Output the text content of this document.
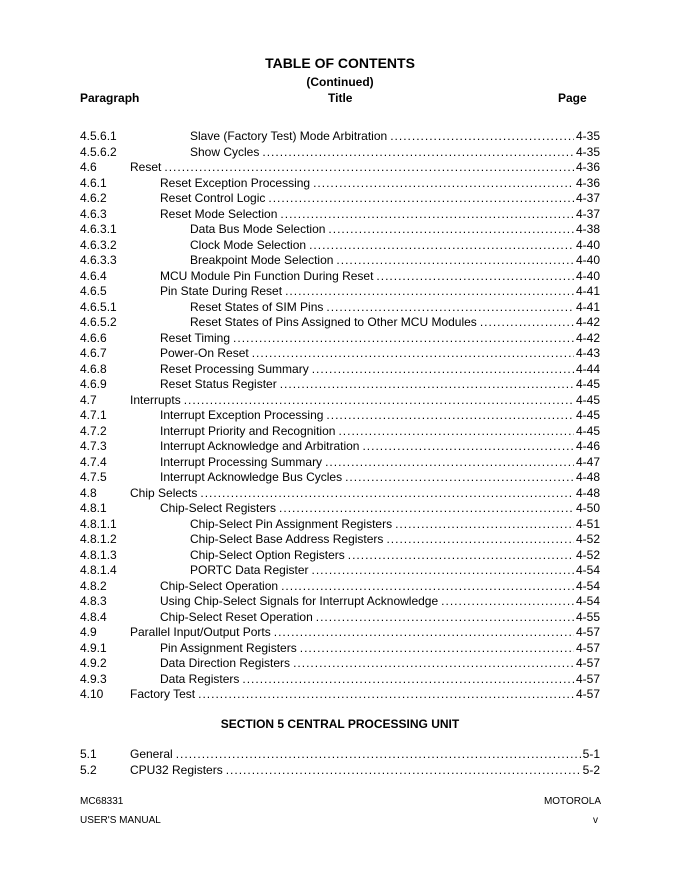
TABLE OF CONTENTS
(Continued)
Paragraph	Title	Page
4.5.6.1	Slave (Factory Test) Mode Arbitration .....	4-35
4.5.6.2	Show Cycles .....	4-35
4.6	Reset .....	4-36
4.6.1	Reset Exception Processing .....	4-36
4.6.2	Reset Control Logic .....	4-37
4.6.3	Reset Mode Selection .....	4-37
4.6.3.1	Data Bus Mode Selection .....	4-38
4.6.3.2	Clock Mode Selection .....	4-40
4.6.3.3	Breakpoint Mode Selection .....	4-40
4.6.4	MCU Module Pin Function During Reset .....	4-40
4.6.5	Pin State During Reset .....	4-41
4.6.5.1	Reset States of SIM Pins .....	4-41
4.6.5.2	Reset States of Pins Assigned to Other MCU Modules .....	4-42
4.6.6	Reset Timing .....	4-42
4.6.7	Power-On Reset .....	4-43
4.6.8	Reset Processing Summary .....	4-44
4.6.9	Reset Status Register .....	4-45
4.7	Interrupts .....	4-45
4.7.1	Interrupt Exception Processing .....	4-45
4.7.2	Interrupt Priority and Recognition .....	4-45
4.7.3	Interrupt Acknowledge and Arbitration .....	4-46
4.7.4	Interrupt Processing Summary .....	4-47
4.7.5	Interrupt Acknowledge Bus Cycles .....	4-48
4.8	Chip Selects .....	4-48
4.8.1	Chip-Select Registers .....	4-50
4.8.1.1	Chip-Select Pin Assignment Registers .....	4-51
4.8.1.2	Chip-Select Base Address Registers .....	4-52
4.8.1.3	Chip-Select Option Registers .....	4-52
4.8.1.4	PORTC Data Register .....	4-54
4.8.2	Chip-Select Operation .....	4-54
4.8.3	Using Chip-Select Signals for Interrupt Acknowledge .....	4-54
4.8.4	Chip-Select Reset Operation .....	4-55
4.9	Parallel Input/Output Ports .....	4-57
4.9.1	Pin Assignment Registers .....	4-57
4.9.2	Data Direction Registers .....	4-57
4.9.3	Data Registers .....	4-57
4.10 Factory Test .....	4-57
SECTION 5 CENTRAL PROCESSING UNIT
5.1	General .....	5-1
5.2	CPU32 Registers .....	5-2
MC68331	MOTOROLA
USER'S MANUAL	v
